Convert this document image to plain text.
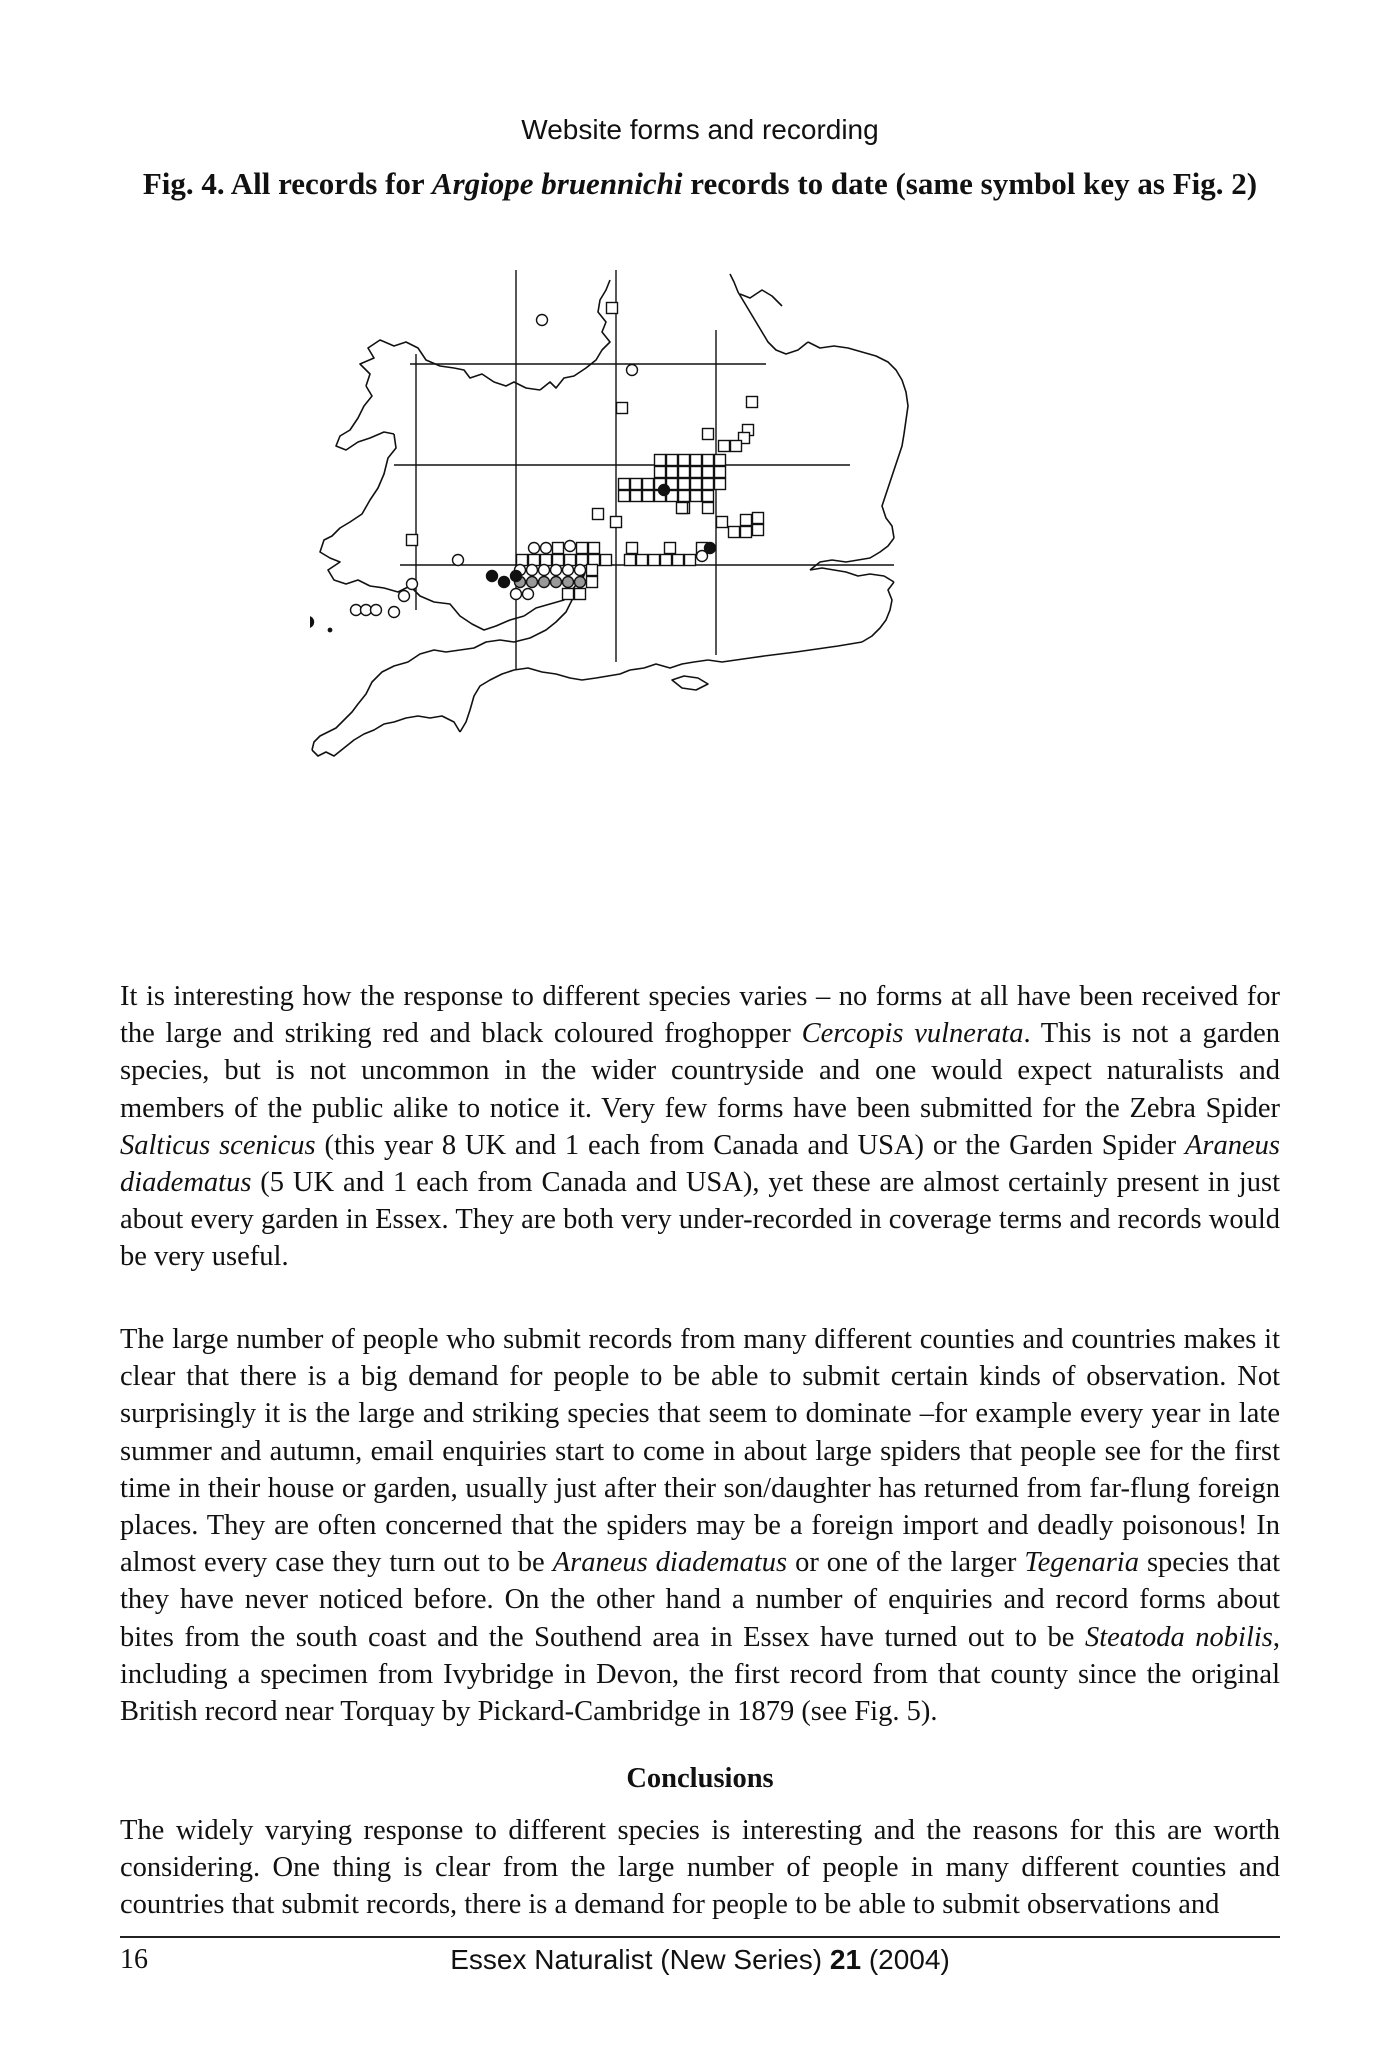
Website forms and recording
Fig. 4. All records for Argiope bruennichi records to date (same symbol key as Fig. 2)
It is interesting how the response to different species varies – no forms at all have been received for the large and striking red and black coloured froghopper Cercopis vulnerata. This is not a garden species, but is not uncommon in the wider countryside and one would expect naturalists and members of the public alike to notice it. Very few forms have been submitted for the Zebra Spider Salticus scenicus (this year 8 UK and 1 each from Canada and USA) or the Garden Spider Araneus diadematus (5 UK and 1 each from Canada and USA), yet these are almost certainly present in just about every garden in Essex. They are both very under-recorded in coverage terms and records would be very useful.
The large number of people who submit records from many different counties and countries makes it clear that there is a big demand for people to be able to submit certain kinds of observation. Not surprisingly it is the large and striking species that seem to dominate –for example every year in late summer and autumn, email enquiries start to come in about large spiders that people see for the first time in their house or garden, usually just after their son/daughter has returned from far-flung foreign places. They are often concerned that the spiders may be a foreign import and deadly poisonous! In almost every case they turn out to be Araneus diadematus or one of the larger Tegenaria species that they have never noticed before. On the other hand a number of enquiries and record forms about bites from the south coast and the Southend area in Essex have turned out to be Steatoda nobilis, including a specimen from Ivybridge in Devon, the first record from that county since the original British record near Torquay by Pickard-Cambridge in 1879 (see Fig. 5).
Conclusions
The widely varying response to different species is interesting and the reasons for this are worth considering. One thing is clear from the large number of people in many different counties and countries that submit records, there is a demand for people to be able to submit observations and
16	Essex Naturalist (New Series) 21 (2004)
